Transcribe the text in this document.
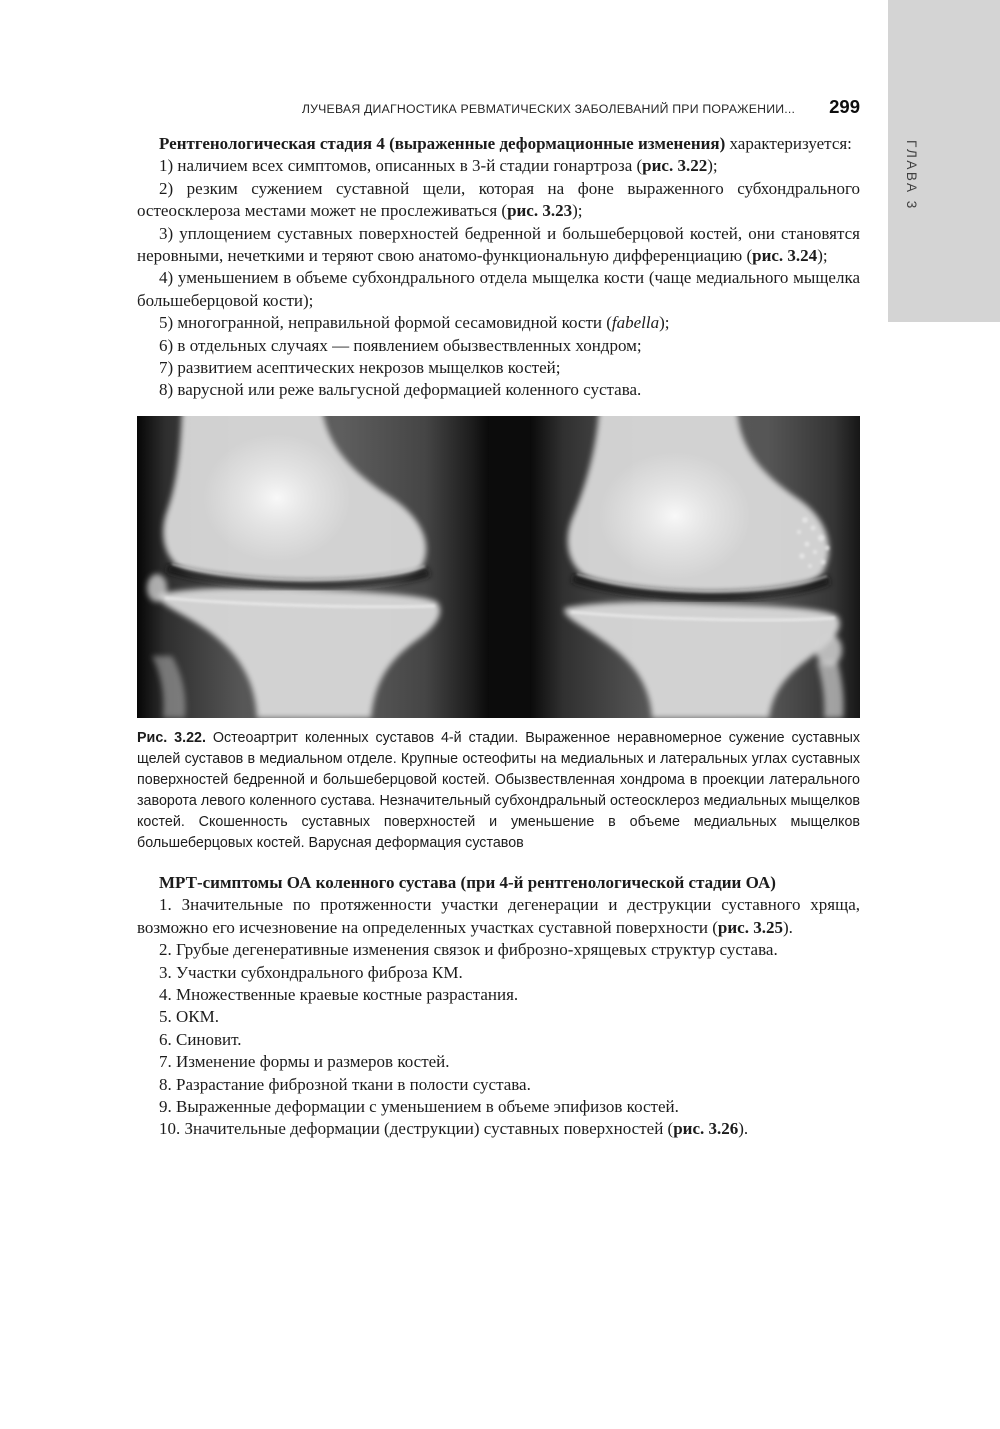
ГЛАВА 3
ЛУЧЕВАЯ ДИАГНОСТИКА РЕВМАТИЧЕСКИХ ЗАБОЛЕВАНИЙ ПРИ ПОРАЖЕНИИ... 299

Рентгенологическая стадия 4 (выраженные деформационные изменения) характеризуется:

1) наличием всех симптомов, описанных в 3-й стадии гонартроза (рис. 3.22);

2) резким сужением суставной щели, которая на фоне выраженного субхондрального остеосклероза местами может не прослеживаться (рис. 3.23);

3) уплощением суставных поверхностей бедренной и большеберцовой костей, они становятся неровными, нечеткими и теряют свою анатомо-функциональную дифференциацию (рис. 3.24);

4) уменьшением в объеме субхондрального отдела мыщелка кости (чаще медиального мыщелка большеберцовой кости);

5) многогранной, неправильной формой сесамовидной кости (fabella);

6) в отдельных случаях — появлением обызвествленных хондром;

7) развитием асептических некрозов мыщелков костей;

8) варусной или реже вальгусной деформацией коленного сустава.

Рис. 3.22. Остеоартрит коленных суставов 4-й стадии. Выраженное неравномерное сужение суставных щелей суставов в медиальном отделе. Крупные остеофиты на медиальных и латеральных углах суставных поверхностей бедренной и большеберцовой костей. Обызвествленная хондрома в проекции латерального заворота левого коленного сустава. Незначительный субхондральный остеосклероз медиальных мыщелков костей. Скошенность суставных поверхностей и уменьшение в объеме медиальных мыщелков большеберцовых костей. Варусная деформация суставов

МРТ-симптомы ОА коленного сустава (при 4-й рентгенологической стадии ОА)

1. Значительные по протяженности участки дегенерации и деструкции суставного хряща, возможно его исчезновение на определенных участках суставной поверхности (рис. 3.25).

2. Грубые дегенеративные изменения связок и фиброзно-хрящевых структур сустава.

3. Участки субхондрального фиброза КМ.

4. Множественные краевые костные разрастания.

5. ОКМ.

6. Синовит.

7. Изменение формы и размеров костей.

8. Разрастание фиброзной ткани в полости сустава.

9. Выраженные деформации с уменьшением в объеме эпифизов костей.

10. Значительные деформации (деструкции) суставных поверхностей (рис. 3.26).
